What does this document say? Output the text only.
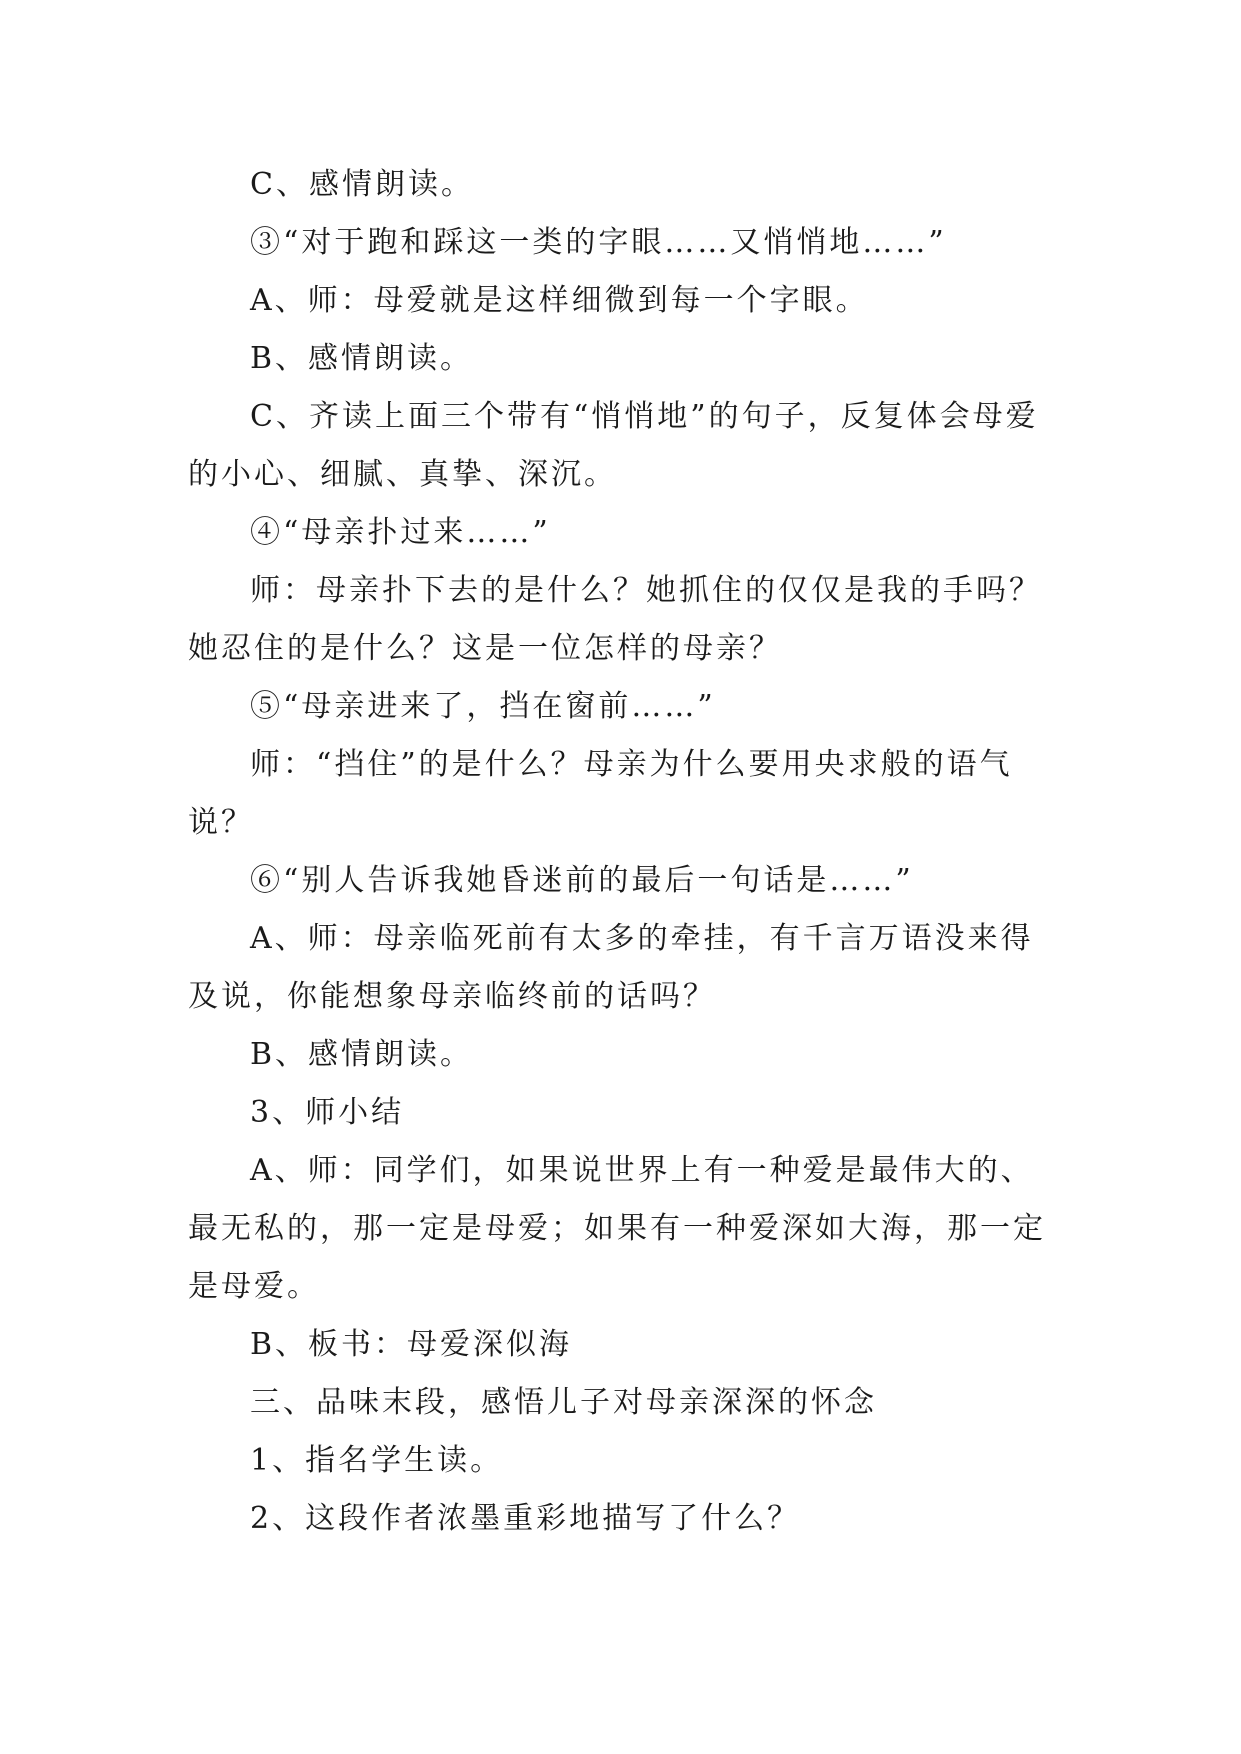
C、感情朗读。

③“对于跑和踩这一类的字眼……又悄悄地……”

A、师：母爱就是这样细微到每一个字眼。

B、感情朗读。

C、齐读上面三个带有“悄悄地”的句子，反复体会母爱的小心、细腻、真挚、深沉。

④“母亲扑过来……”

师：母亲扑下去的是什么？她抓住的仅仅是我的手吗？她忍住的是什么？这是一位怎样的母亲？

⑤“母亲进来了，挡在窗前……”

师：“挡住”的是什么？母亲为什么要用央求般的语气说？

⑥“别人告诉我她昏迷前的最后一句话是……”

A、师：母亲临死前有太多的牵挂，有千言万语没来得及说，你能想象母亲临终前的话吗？

B、感情朗读。

3、师小结

A、师：同学们，如果说世界上有一种爱是最伟大的、最无私的，那一定是母爱；如果有一种爱深如大海，那一定是母爱。

B、板书：母爱深似海

三、品味末段，感悟儿子对母亲深深的怀念

1、指名学生读。

2、这段作者浓墨重彩地描写了什么？
